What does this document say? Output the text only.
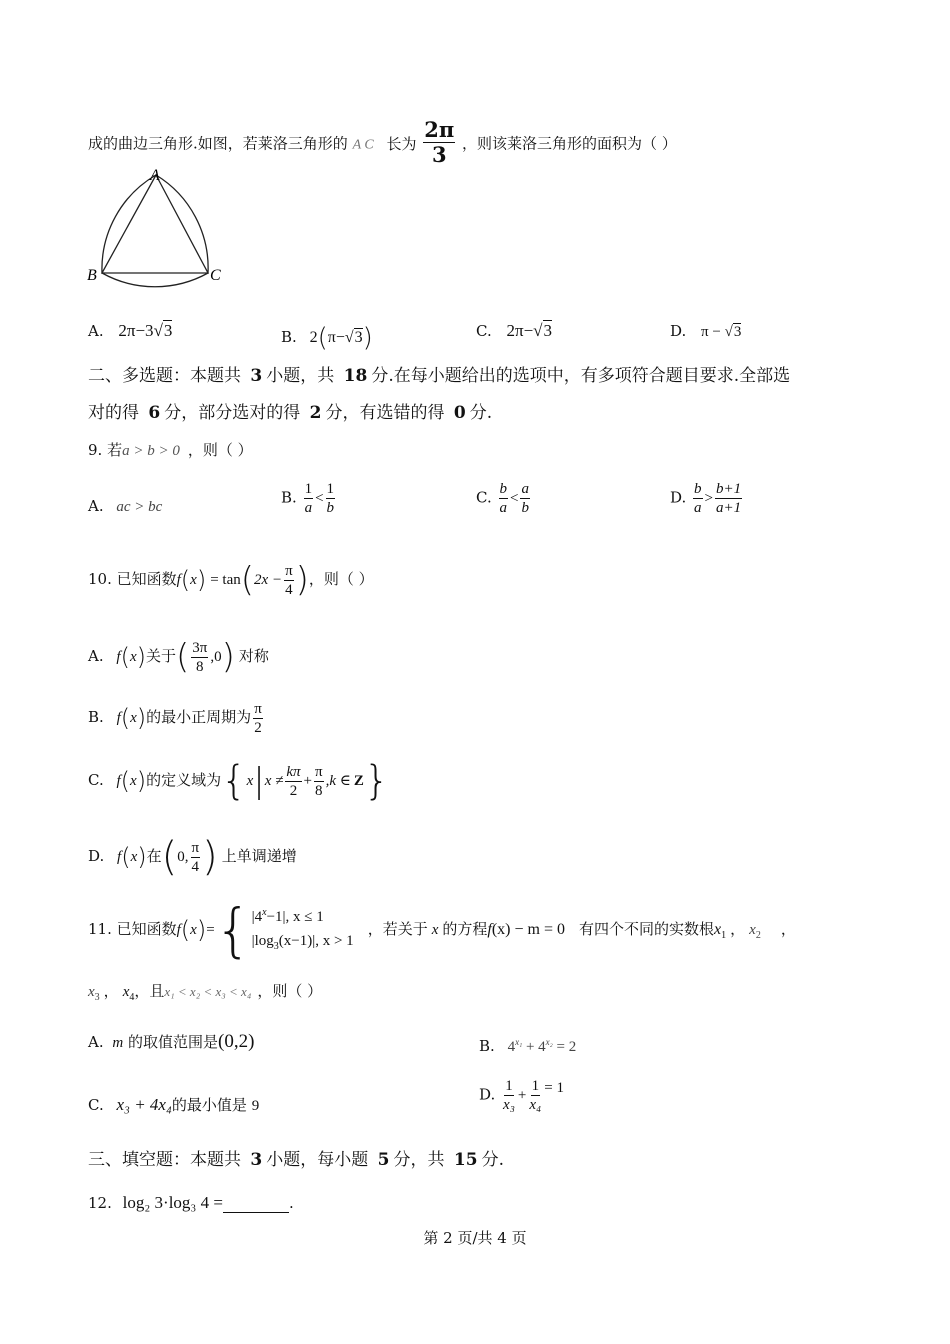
成的曲边三角形.如图，若莱洛三角形的 A C 长为 $\frac{2\pi}{3}$ ，则该莱洛三角形的面积为（ ）
A
B	C
A. 2π−3√3	B. 2(π−√3)	C. 2π−√3	D. π − √3
二、多选题：本题共 3 小题，共 18 分.在每小题给出的选项中，有多项符合题目要求.全部选
对的得 6 分，部分选对的得 2 分，有选错的得 0 分.
9. 若a > b > 0 ，则（ ）
A. ac > bc
B. $\frac{1}{a} < \frac{1}{b}$	C. $\frac{b}{a} < \frac{a}{b}$	D. $\frac{b}{a} > \frac{b+1}{a+1}$
10. 已知函数$f(x) = \tan(2x - \frac{\pi}{4}$ )，则（ ）
A. f(x)关于( $\frac{3\pi}{8} ,0$) 对称
B. f(x)的最小正周期为 $\frac{\pi}{2}$
C. f(x)的定义域为{$x|x \ne \frac{k\pi}{2} + \frac{\pi}{8} ,k$ ∈ Z}
D. f(x)在(0, $\frac{\pi}{4}$ ) 上单调递增
11. 已知函数f(x)={ $|4^x-1|$, x ≤ 1
$|\log_3(x-1)|$, x > 1
，若关于 x 的方程f(x) − m = 0 有四个不同的实数根$x_1$ ， $x_2$ ，
$x_3$ ， $x_4$，且x₁ < x₂ < x₃ < x₄ ，则（ ）
A. m 的取值范围是(0,2)	B. $4^{x_1} + 4^{x_2} = 2$
C. x₃ + 4x₄的最小值是 9
D. $\frac{1}{\text{x₃}} + \frac{1}{\text{x₄}} = 1$
三、填空题：本题共 3 小题，每小题 5 分，共 15 分.
12. log₂ 3·log₃ 4 =	.
第 2 页/共 4 页
